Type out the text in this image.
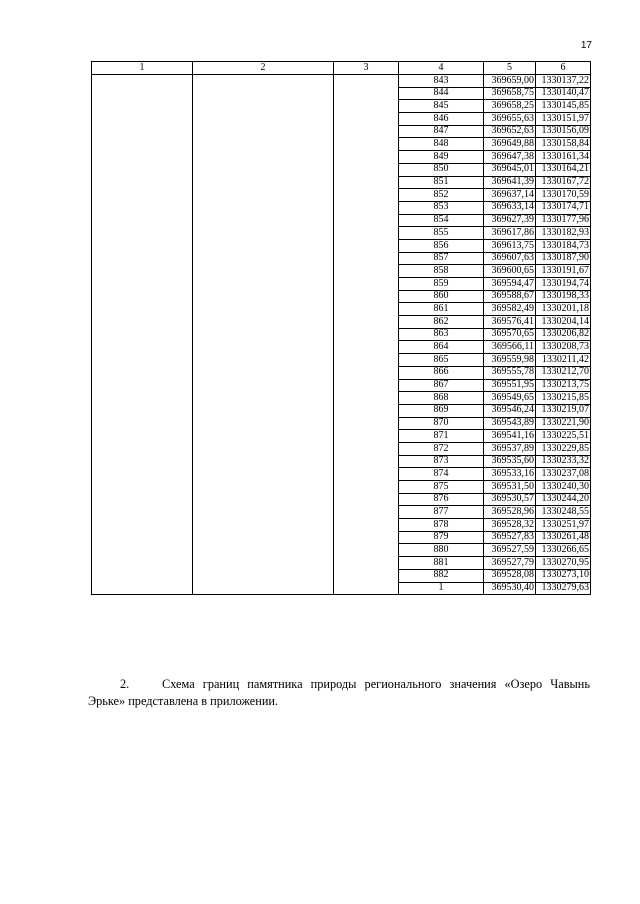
17
1	2	3	4	5	6
			843	369659,00	1330137,22
			844	369658,75	1330140,47
			845	369658,25	1330145,85
			846	369655,63	1330151,97
			847	369652,63	1330156,09
			848	369649,88	1330158,84
			849	369647,38	1330161,34
			850	369645,01	1330164,21
			851	369641,39	1330167,72
			852	369637,14	1330170,59
			853	369633,14	1330174,71
			854	369627,39	1330177,96
			855	369617,86	1330182,93
			856	369613,75	1330184,73
			857	369607,63	1330187,90
			858	369600,65	1330191,67
			859	369594,47	1330194,74
			860	369588,67	1330198,33
			861	369582,49	1330201,18
			862	369576,41	1330204,14
			863	369570,65	1330206,82
			864	369566,11	1330208,73
			865	369559,98	1330211,42
			866	369555,78	1330212,70
			867	369551,95	1330213,75
			868	369549,65	1330215,85
			869	369546,24	1330219,07
			870	369543,89	1330221,90
			871	369541,16	1330225,51
			872	369537,89	1330229,85
			873	369535,60	1330233,32
			874	369533,16	1330237,08
			875	369531,50	1330240,30
			876	369530,57	1330244,20
			877	369528,96	1330248,55
			878	369528,32	1330251,97
			879	369527,83	1330261,48
			880	369527,59	1330266,65
			881	369527,79	1330270,95
			882	369528,08	1330273,10
			1	369530,40	1330279,63
2.	Схема границ памятника природы регионального значения «Озеро Чавынь Эрьке» представлена в приложении.
